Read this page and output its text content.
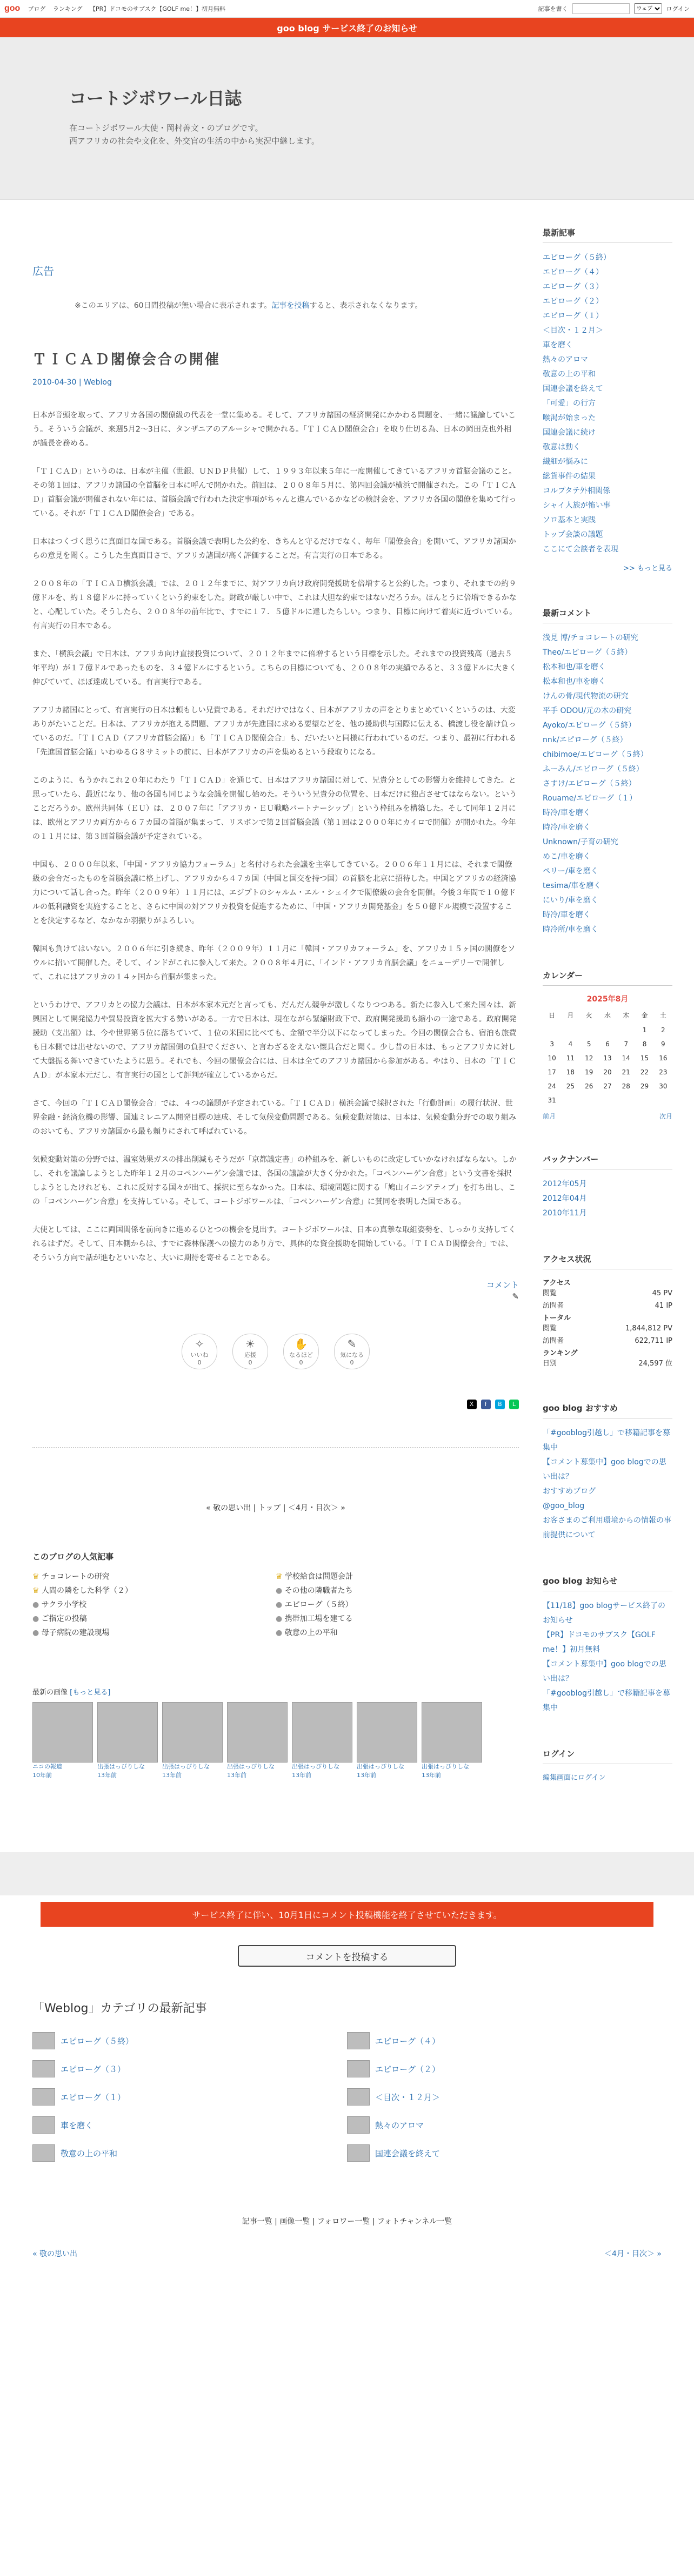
goo ブログ ランキング 【PR】ドコモのサブスク【GOLF me！】初月無料	記事を書く
ウェブ	ログイン
goo blog サービス終了のお知らせ
コートジボワール日誌
在コートジボワール大使・岡村善文・のブログです。
西アフリカの社会や文化を、外交官の生活の中から実況中継します。
広告
※このエリアは、60日間投稿が無い場合に表示されます。記事を投稿すると、表示されなくなります。
ＴＩＣＡＤ閣僚会合の開催
2010-04-30 | Weblog

日本が音頭を取って、アフリカ各国の閣僚級の代表を一堂に集める。そして、アフリカ諸国の経済開発にかかわる問題を、一緒に議論していこう。そういう会議が、来週5月2～3日に、タンザニアのアルーシャで開かれる。「ＴＩＣＡＤ閣僚会合」を取り仕切る為、日本の岡田克也外相が議長を務める。

「ＴＩＣＡＤ」というのは、日本が主催（世銀、ＵＮＤＰ共催）して、１９９３年以来５年に一度開催してきているアフリカ首脳会議のこと。その第１回は、アフリカ諸国の全首脳を日本に呼んで開かれた。前回は、２００８年５月に、第四回会議が横浜で開催された。この「ＴＩＣＡＤ」首脳会議が開催されない年には、首脳会議で行われた決定事項がちゃんと進んでいるかなどの検討会を、アフリカ各国の閣僚を集めて行っている。それが「ＴＩＣＡＤ閣僚会合」である。

日本はつくづく思うに真面目な国である。首脳会議で表明した公約を、きちんと守るだけでなく、毎年「閣僚会合」を開いて、アフリカ諸国からの意見を聞く。こうした生真面目さで、アフリカ諸国が高く評価することだ。有言実行の日本である。

２００８年の「ＴＩＣＡＤ横浜会議」では、２０１２年までに、対アフリカ向け政府開発援助を倍増すると公約した。つまり、それまでの約９億ドルを、約１８億ドルに持っていくという約束をした。財政が厳しい中で、これは大胆な約束ではないだろうか。ほんとうに倍増できるかなと、心配していた。そうしたら、２００８年の前年比で、すでに１７．５億ドルに達したらしい。つまり、目標に向けて着実に近づいている。有言実行の日本である。

また、「横浜会議」で日本は、アフリカ向け直接投資について、２０１２年までに倍増するという目標を示した。それまでの投資残高（過去５年平均）が１７億ドルであったものを、３４億ドルにするという。こちらの目標についても、２００８年の実績でみると、３３億ドルに大きく伸びていて、ほぼ達成している。有言実行である。

アフリカ諸国にとって、有言実行の日本は頼もしい兄貴である。それだけではなく、日本がアフリカの声をとりまとめていくというのは、大変ありがたいことだ。日本は、アフリカが抱える問題、アフリカが先進国に求める要望などを、他の援助供与国際に伝える、橋渡し役を請け負っているのだ。「ＴＩＣＡＤ（アフリカ首脳会議）」も「ＴＩＣＡＤ閣僚会合」も、だいたいと同様に行われているのだ。つまり、最初に行われる「先進国首脳会議」いわゆるＧ８サミットの前に、日本がアフリカの声を集めるという段取りになる。

このように、もうかれこれ２０年にわたり「ＴＩＣＡＤ」を通じて、日本はアフリカ諸国に対して、兄貴分としての影響力を維持してきた。と思っていたら、最近になり、他の各国も同じような会議を開催し始めた。そういう兄貴分の位置を、日本だけに独占させてはならない。ということだろうか。欧州共同体（ＥＵ）は、２００７年に「アフリカ・ＥＵ戦略パートナーシップ」という枠組みを構築した。そして同年１２月には、欧州とアフリカ両方から６７カ国の首脳が集まって、リスボンで第２回首脳会議（第１回は２０００年にカイロで開催）が開かれた。今年の１１月には、第３回首脳会議が予定されている。

中国も、２０００年以来、「中国・アフリカ協力フォーラム」と名付けられた会議を主宰してきている。２００６年１１月には、それまで閣僚級の会合だったものを首脳会議に格上げし、アフリカから４７カ国（中国と国交を持つ国）の首脳を北京に招待した。中国とアフリカの経済協力について話し合った。昨年（２００９年）１１月には、エジプトのシャルム・エル・シェイクで閣僚級の会合を開催。今後３年間で１０億ドルの低利融資を実施することと、さらに中国の対アフリカ投資を促進するために、「中国・アフリカ開発基金」を５０億ドル規模で設置することを決定するなど、なかなか羽振りがよろしい。

韓国も負けてはいない。２００６年に引き続き、昨年（２００９年）１１月に「韓国・アフリカフォーラム」を、アフリカ１５ヶ国の閣僚をソウルに招いて開催した。そして、インドがこれに参入して来た。２００８年４月に、「インド・アフリカ首脳会議」をニューデリーで開催して、これにはアフリカの１４ヶ国から首脳が集まった。

というわけで、アフリカとの協力会議は、日本が本家本元だと言っても、だんだん競争が激しくなりつつある。新たに参入して来た国々は、新興国として開発協力や貿易投資を拡大する勢いがある。一方で日本は、現在ながら緊縮財政下で、政府開発援助も縮小の一途である。政府開発援助（支出額）は、今や世界第５位に落ちていて、１位の米国に比べても、金額で半分以下になってしまった。今回の閣僚会合も、宿泊も旅費も日本側では出せないので、アフリカ諸国側の負担でください、と言わざるをえない懐具合だと聞く。少し昔の日本は、もっとアフリカに対して大盤振る舞いできていたように思う。それでも、今回の閣僚会合には、日本は全てのアフリカ諸国から参加がある。やはり、日本の「ＴＩＣＡＤ」が本家本元だし、有言実行の国として評判が確立しているからだ。

さて、今回の「ＴＩＣＡＤ閣僚会合」では、４つの議題が予定されている。「ＴＩＣＡＤ」横浜会議で採択された「行動計画」の履行状況、世界金融・経済危機の影響、国連ミレニアム開発目標の達成、そして気候変動問題である。気候変動対策は、日本は、気候変動分野での取り組みのおいても、アフリカ諸国から最も頼りにされて呼ばれている。

気候変動対策の分野では、温室効果ガスの排出削減もそうだが「京都議定書」の枠組みを、新しいものに改定していかなければならない。しかし、それを議論しようとした昨年１２月のコペンハーゲン会議では、各国の議論が大きく分かれた。「コペンハーゲン合意」という文書を採択しようとしたけれども、これに反対する国々が出て、採択に至らなかった。日本は、環境問題に関する「鳩山イニシアティブ」を打ち出し、この「コペンハーゲン合意」を支持している。そして、コートジボワールは、「コペンハーゲン合意」に賛同を表明した国である。

大使としては、ここに両国関係を前向きに進めるひとつの機会を見出す。コートジボワールは、日本の真摯な取組姿勢を、しっかり支持してくれるはずだ。そして、日本側からは、すでに森林保護への協力のあり方で、具体的な資金援助を開始している。「ＴＩＣＡＤ閣僚会合」では、そういう方向で話が進むといいなと、大いに期待を寄せることである。

コメント
✎
✧
いいね
0
☀
応援
0
✋
なるほど
0
✎
気になる
0
X f B L
« 敬の思い出 | トップ | ＜4月・目次＞ »
このブログの人気記事
♛ チョコレートの研究	♛ 学校給食は問題会計
♛ 人間の隣をした科学（２）	● その他の隣職者たち
● サクラ小学校	● エピローグ（５終）
● ご指定の投稿	● 携帯加工場を建てる
● 母子病院の建設現場	● 敬意の上の平和
最新の画像 [もっと見る]
ニコの報道
10年前
出張はっぴりしな
13年前
出張はっぴりしな
13年前
出張はっぴりしな
13年前
出張はっぴりしな
13年前
出張はっぴりしな
13年前
出張はっぴりしな
13年前
最新記事
エピローグ（５終）
エピローグ（４）
エピローグ（３）
エピローグ（２）
エピローグ（１）
＜目次・１２月＞
車を磨く
熱々のアロマ
敬意の上の平和
国連会議を終えて
「可愛」の行方
喉渇が始まった
国連会議に続け
敬意は動く
繊細が悩みに
総貨事件の結果
コルプタテ外相関係
シャイ人族が怖い事
ソロ基本と実践
トップ会談の議題
ここにて会談者を表現
>> もっと見る
最新コメント
浅見 博/チョコレートの研究
Theo/エピローグ（５終）
松本和也/車を磨く
松本和也/車を磨く
けんの骨/現代物流の研究
平手 ODOU/元の木の研究
Ayoko/エピローグ（５終）
nnk/エピローグ（５終）
chibimoe/エピローグ（５終）
ふーみん/エピローグ（５終）
さすけ/エピローグ（５終）
Rouame/エピローグ（１）
時冷/車を磨く
時冷/車を磨く
Unknown/子育の研究
めこ/車を磨く
ペリー/車を磨く
tesima/車を磨く
にいり/車を磨く
時冷/車を磨く
時冷所/車を磨く
カレンダー
2025年8月
日	月	火	水	木	金	土
					1	2
3	4	5	6	7	8	9
10	11	12	13	14	15	16
17	18	19	20	21	22	23
24	25	26	27	28	29	30
31						
前月	次月
バックナンバー
2012年05月
2012年04月
2010年11月
アクセス状況
アクセス
閲覧	45 PV
訪問者	41 IP
トータル
閲覧	1,844,812 PV
訪問者	622,711 IP
ランキング
日別	24,597 位
goo blog おすすめ
「#gooblog引越し」で移籍記事を募集中
【コメント募集中】goo blogでの思い出は？
おすすめブログ
@goo_blog
お客さまのご利用環境からの情報の事前提供について
goo blog お知らせ
【11/18】goo blogサービス終了のお知らせ
【PR】ドコモのサブスク【GOLF me！】初月無料
【コメント募集中】goo blogでの思い出は？
「#gooblog引越し」で移籍記事を募集中
ログイン
編集画面にログイン
サービス終了に伴い、10月1日にコメント投稿機能を終了させていただきます。
コメントを投稿する
「Weblog」カテゴリの最新記事
エピローグ（５終）	エピローグ（４）
エピローグ（３）	エピローグ（２）
エピローグ（１）	＜目次・１２月＞
車を磨く	熱々のアロマ
敬意の上の平和	国連会議を終えて
記事一覧 | 画像一覧 | フォロワー一覧 | フォトチャンネル一覧
« 敬の思い出	＜4月・目次＞ »
